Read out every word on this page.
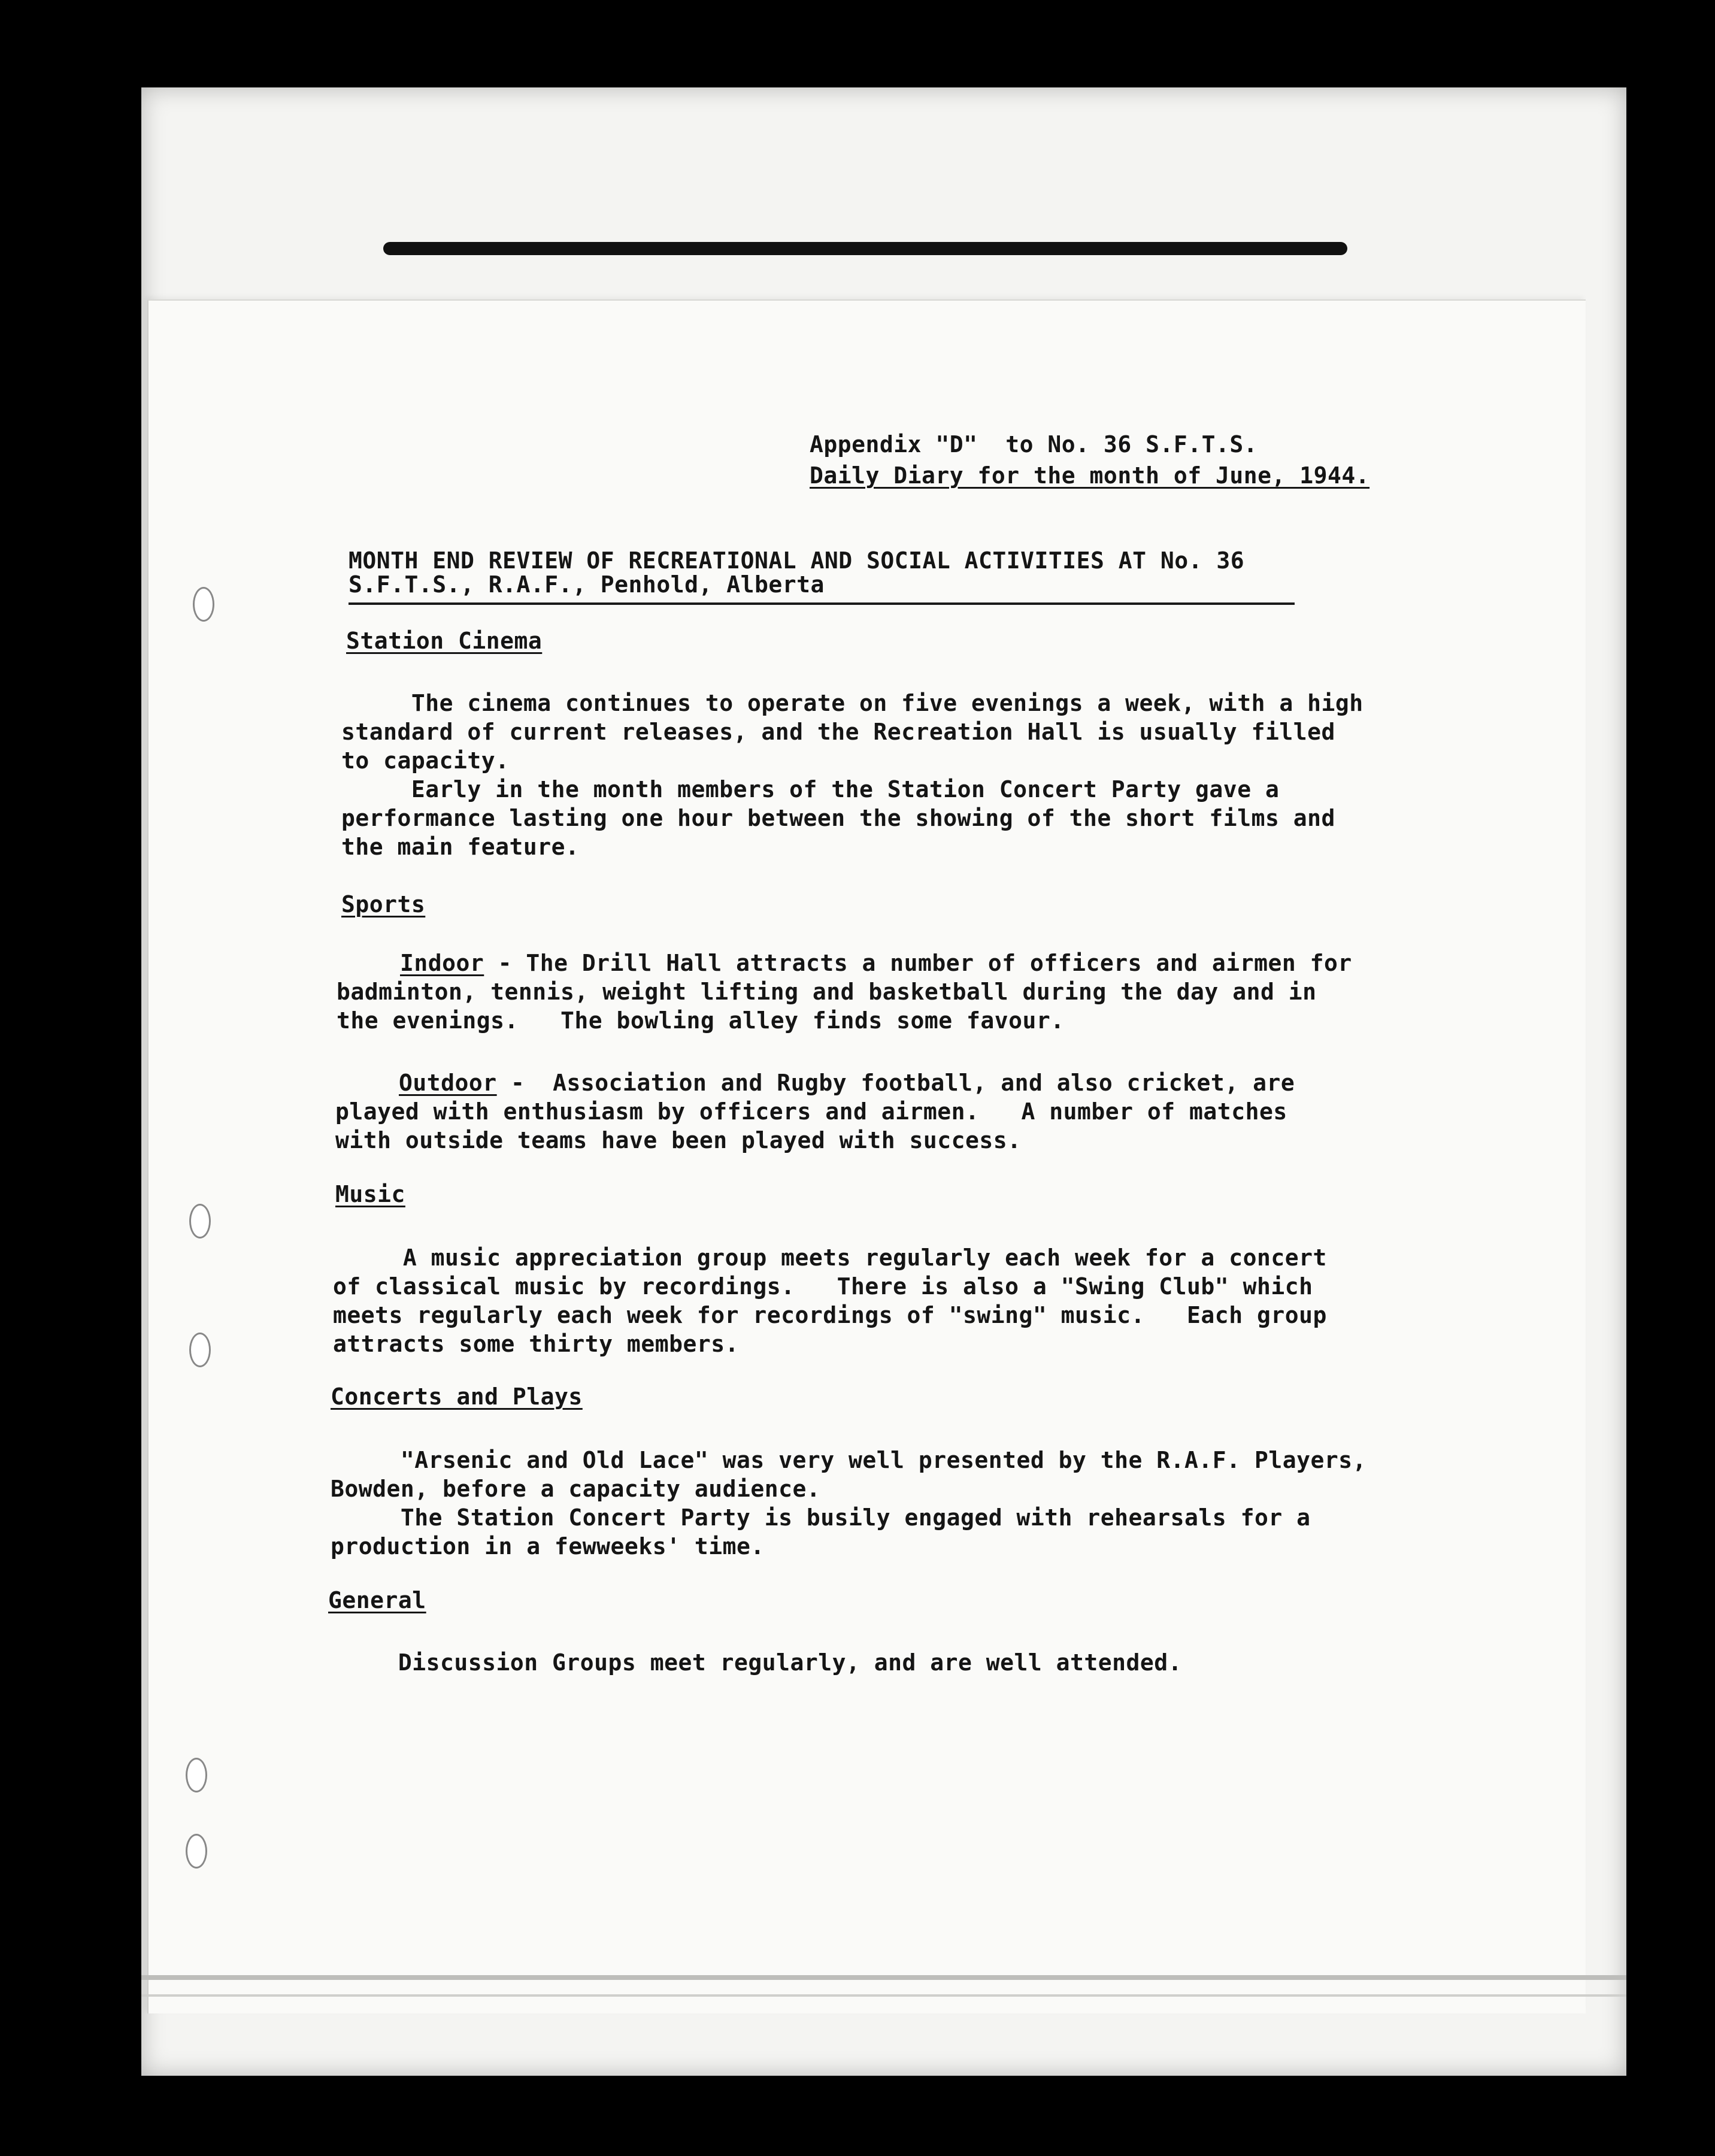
Appendix "D"  to No. 36 S.F.T.S.
Daily Diary for the month of June, 1944.
MONTH END REVIEW OF RECREATIONAL AND SOCIAL ACTIVITIES AT No. 36
S.F.T.S., R.A.F., Penhold, Alberta
Station Cinema
The cinema continues to operate on five evenings a week, with a high
standard of current releases, and the Recreation Hall is usually filled
to capacity.
Early in the month members of the Station Concert Party gave a
performance lasting one hour between the showing of the short films and
the main feature.
Sports
Indoor - The Drill Hall attracts a number of officers and airmen for
badminton, tennis, weight lifting and basketball during the day and in
the evenings.   The bowling alley finds some favour.
Outdoor -  Association and Rugby football, and also cricket, are
played with enthusiasm by officers and airmen.   A number of matches
with outside teams have been played with success.
Music
A music appreciation group meets regularly each week for a concert
of classical music by recordings.   There is also a "Swing Club" which
meets regularly each week for recordings of "swing" music.   Each group
attracts some thirty members.
Concerts and Plays
"Arsenic and Old Lace" was very well presented by the R.A.F. Players,
Bowden, before a capacity audience.
The Station Concert Party is busily engaged with rehearsals for a
production in a fewweeks' time.
General
Discussion Groups meet regularly, and are well attended.
